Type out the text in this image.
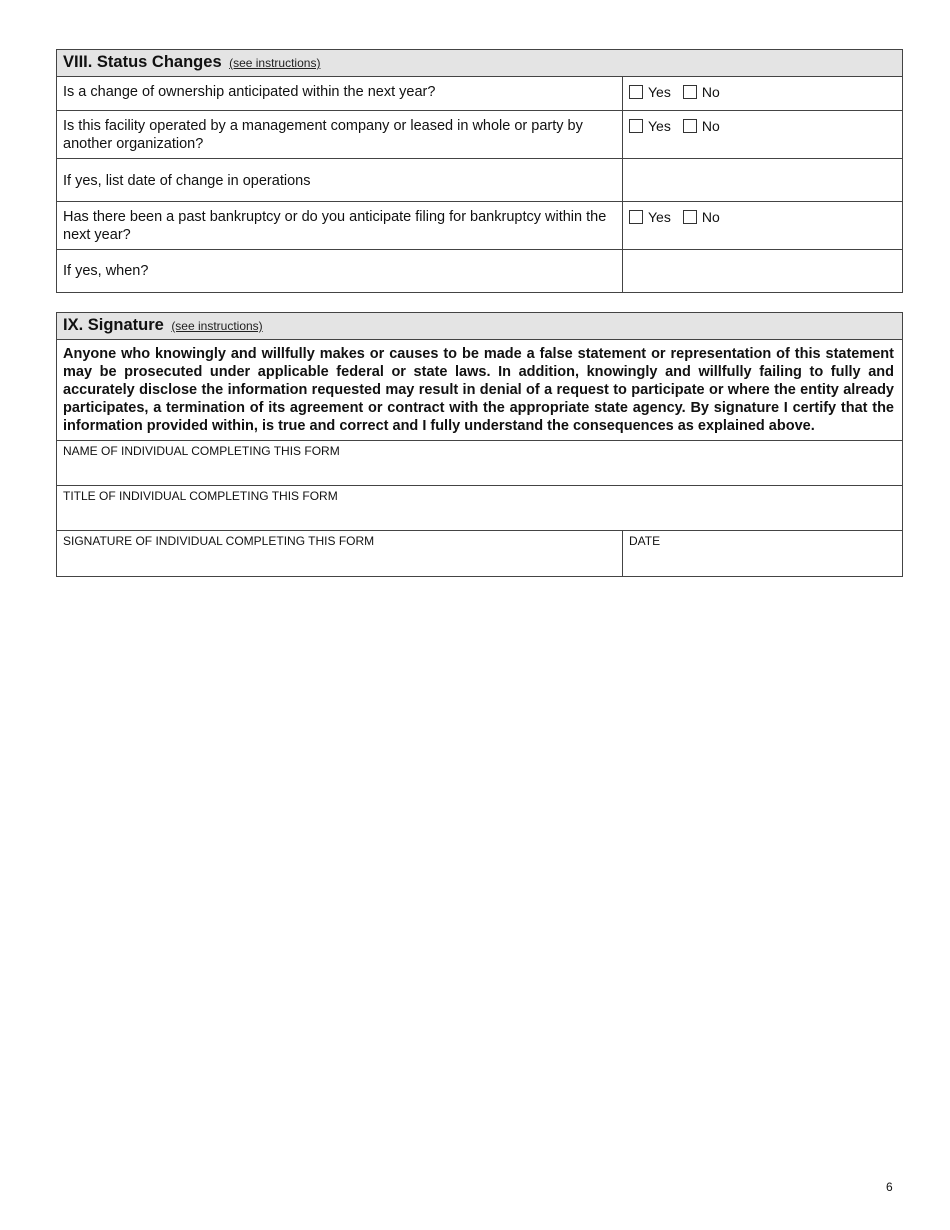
VIII. Status Changes (see instructions)
Is a change of ownership anticipated within the next year?	Yes No
Is this facility operated by a management company or leased in whole or party by another organization?
Yes No
If yes, list date of change in operations
Has there been a past bankruptcy or do you anticipate filing for bankruptcy within the next year?
Yes No
If yes, when?
IX. Signature (see instructions)
Anyone who knowingly and willfully makes or causes to be made a false statement or representation of this statement may be prosecuted under applicable federal or state laws. In addition, knowingly and willfully failing to fully and accurately disclose the information requested may result in denial of a request to participate or where the entity already participates, a termination of its agreement or contract with the appropriate state agency. By signature I certify that the information provided within, is true and correct and I fully understand the consequences as explained above.
NAME OF INDIVIDUAL COMPLETING THIS FORM
TITLE OF INDIVIDUAL COMPLETING THIS FORM
SIGNATURE OF INDIVIDUAL COMPLETING THIS FORM	DATE
6
